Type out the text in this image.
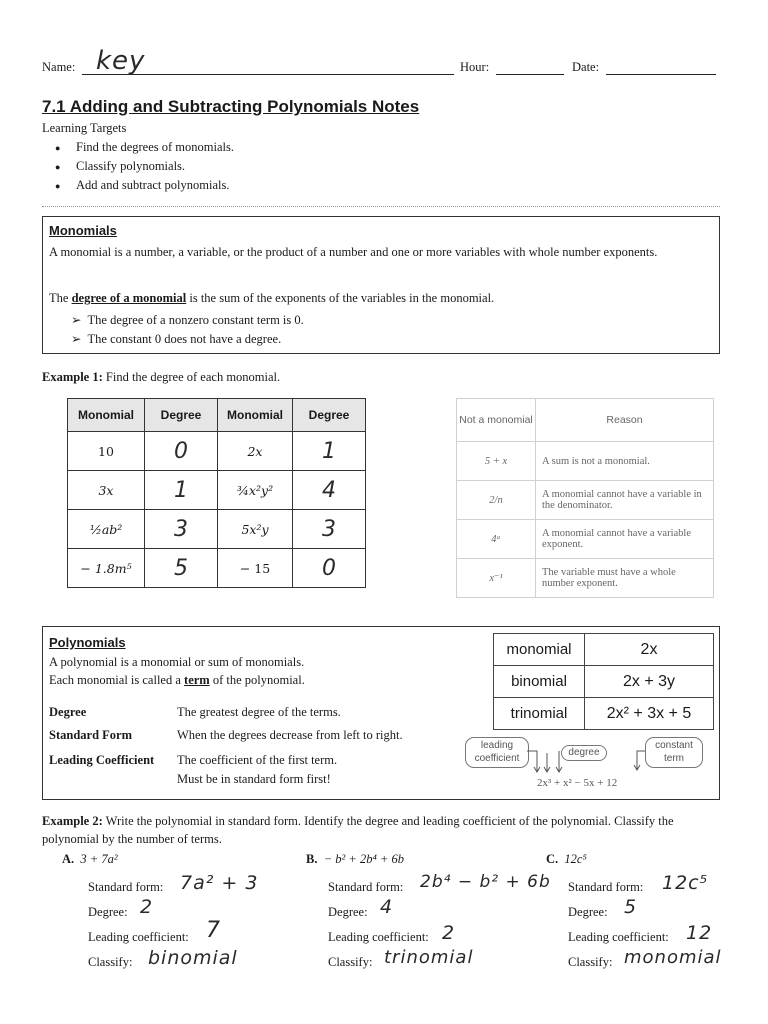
Name: key	Hour:	Date:
7.1 Adding and Subtracting Polynomials Notes
Learning Targets
● Find the degrees of monomials.
● Classify polynomials.
● Add and subtract polynomials.
Monomials
A monomial is a number, a variable, or the product of a number and one or more variables with whole number exponents.
The degree of a monomial is the sum of the exponents of the variables in the monomial.
➢ The degree of a nonzero constant term is 0.
➢ The constant 0 does not have a degree.
Example 1: Find the degree of each monomial.
Monomial	Degree	Monomial	Degree
10	0	2x	1
3x	1	¾x²y²	4
½ab²	3	5x²y	3
− 1.8m⁵	5	− 15	0
Not a monomial	Reason
5 + x	A sum is not a monomial.
2/n	A monomial cannot have a variable in the denominator.
4ᵃ	A monomial cannot have a variable exponent.
x⁻¹	The variable must have a whole number exponent.
Polynomials
A polynomial is a monomial or sum of monomials.
Each monomial is called a term of the polynomial.
Degree	The greatest degree of the terms.
Standard Form	When the degrees decrease from left to right.
Leading Coefficient The coefficient of the first term.
Must be in standard form first!
monomial	2x
binomial	2x + 3y
trinomial	2x² + 3x + 5
leading coefficient
degree
constant term
2x³ + x² − 5x + 12
Example 2: Write the polynomial in standard form. Identify the degree and leading coefficient of the polynomial. Classify the polynomial by the number of terms.
A. 3 + 7a²
Standard form: 7a² + 3
Degree: 2
Leading coefficient: 7
Classify: binomial
B. − b² + 2b⁴ + 6b
Standard form: 2b⁴ − b² + 6b
Degree: 4
Leading coefficient: 2
Classify: trinomial
C. 12c⁵
Standard form: 12c⁵
Degree: 5
Leading coefficient: 12
Classify: monomial
